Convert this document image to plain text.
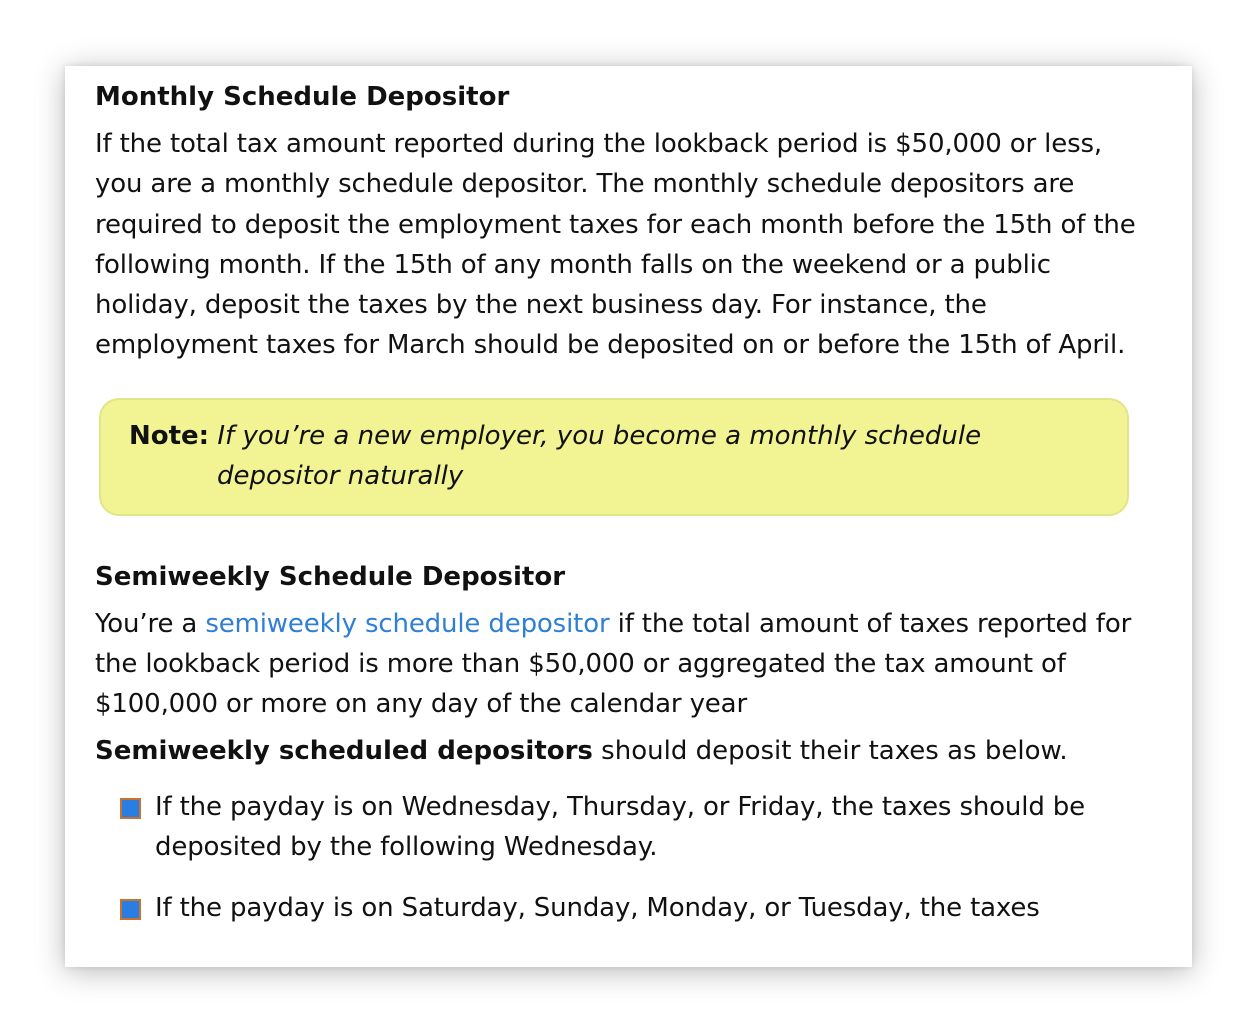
Monthly Schedule Depositor

If the total tax amount reported during the lookback period is $50,000 or less, you are a monthly schedule depositor. The monthly schedule depositors are required to deposit the employment taxes for each month before the 15th of the following month. If the 15th of any month falls on the weekend or a public holiday, deposit the taxes by the next business day. For instance, the employment taxes for March should be deposited on or before the 15th of April.

Note: If you’re a new employer, you become a monthly schedule depositor naturally
Semiweekly Schedule Depositor

You’re a semiweekly schedule depositor if the total amount of taxes reported for the lookback period is more than $50,000 or aggregated the tax amount of $100,000 or more on any day of the calendar year

Semiweekly scheduled depositors should deposit their taxes as below.

If the payday is on Wednesday, Thursday, or Friday, the taxes should be deposited by the following Wednesday.
If the payday is on Saturday, Sunday, Monday, or Tuesday, the taxes
